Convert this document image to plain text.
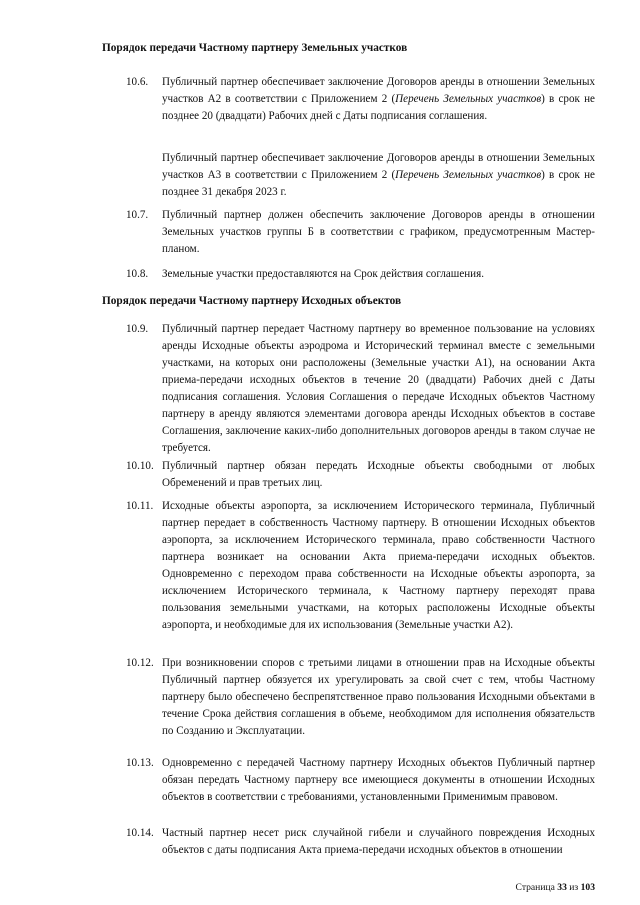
Порядок передачи Частному партнеру Земельных участков
10.6. Публичный партнер обеспечивает заключение Договоров аренды в отношении Земельных участков А2 в соответствии с Приложением 2 (Перечень Земельных участков) в срок не позднее 20 (двадцати) Рабочих дней с Даты подписания соглашения.
Публичный партнер обеспечивает заключение Договоров аренды в отношении Земельных участков А3 в соответствии с Приложением 2 (Перечень Земельных участков) в срок не позднее 31 декабря 2023 г.
10.7. Публичный партнер должен обеспечить заключение Договоров аренды в отношении Земельных участков группы Б в соответствии с графиком, предусмотренным Мастер-планом.
10.8. Земельные участки предоставляются на Срок действия соглашения.
Порядок передачи Частному партнеру Исходных объектов
10.9. Публичный партнер передает Частному партнеру во временное пользование на условиях аренды Исходные объекты аэродрома и Исторический терминал вместе с земельными участками, на которых они расположены (Земельные участки А1), на основании Акта приема-передачи исходных объектов в течение 20 (двадцати) Рабочих дней с Даты подписания соглашения. Условия Соглашения о передаче Исходных объектов Частному партнеру в аренду являются элементами договора аренды Исходных объектов в составе Соглашения, заключение каких-либо дополнительных договоров аренды в таком случае не требуется.
10.10. Публичный партнер обязан передать Исходные объекты свободными от любых Обременений и прав третьих лиц.
10.11. Исходные объекты аэропорта, за исключением Исторического терминала, Публичный партнер передает в собственность Частному партнеру. В отношении Исходных объектов аэропорта, за исключением Исторического терминала, право собственности Частного партнера возникает на основании Акта приема-передачи исходных объектов. Одновременно с переходом права собственности на Исходные объекты аэропорта, за исключением Исторического терминала, к Частному партнеру переходят права пользования земельными участками, на которых расположены Исходные объекты аэропорта, и необходимые для их использования (Земельные участки А2).
10.12. При возникновении споров с третьими лицами в отношении прав на Исходные объекты Публичный партнер обязуется их урегулировать за свой счет с тем, чтобы Частному партнеру было обеспечено беспрепятственное право пользования Исходными объектами в течение Срока действия соглашения в объеме, необходимом для исполнения обязательств по Созданию и Эксплуатации.
10.13. Одновременно с передачей Частному партнеру Исходных объектов Публичный партнер обязан передать Частному партнеру все имеющиеся документы в отношении Исходных объектов в соответствии с требованиями, установленными Применимым правовом.
10.14. Частный партнер несет риск случайной гибели и случайного повреждения Исходных объектов с даты подписания Акта приема-передачи исходных объектов в отношении
Страница 33 из 103
